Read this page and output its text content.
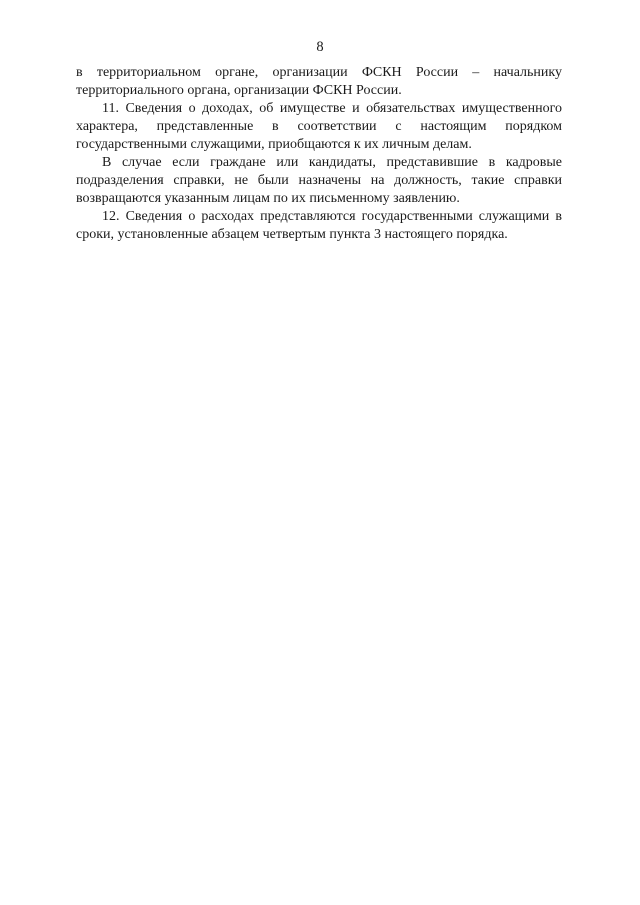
8

в территориальном органе, организации ФСКН России – начальнику территориального органа, организации ФСКН России.

11. Сведения о доходах, об имуществе и обязательствах имущественного характера, представленные в соответствии с настоящим порядком государственными служащими, приобщаются к их личным делам.

В случае если граждане или кандидаты, представившие в кадровые подразделения справки, не были назначены на должность, такие справки возвращаются указанным лицам по их письменному заявлению.

12. Сведения о расходах представляются государственными служащими в сроки, установленные абзацем четвертым пункта 3 настоящего порядка.
